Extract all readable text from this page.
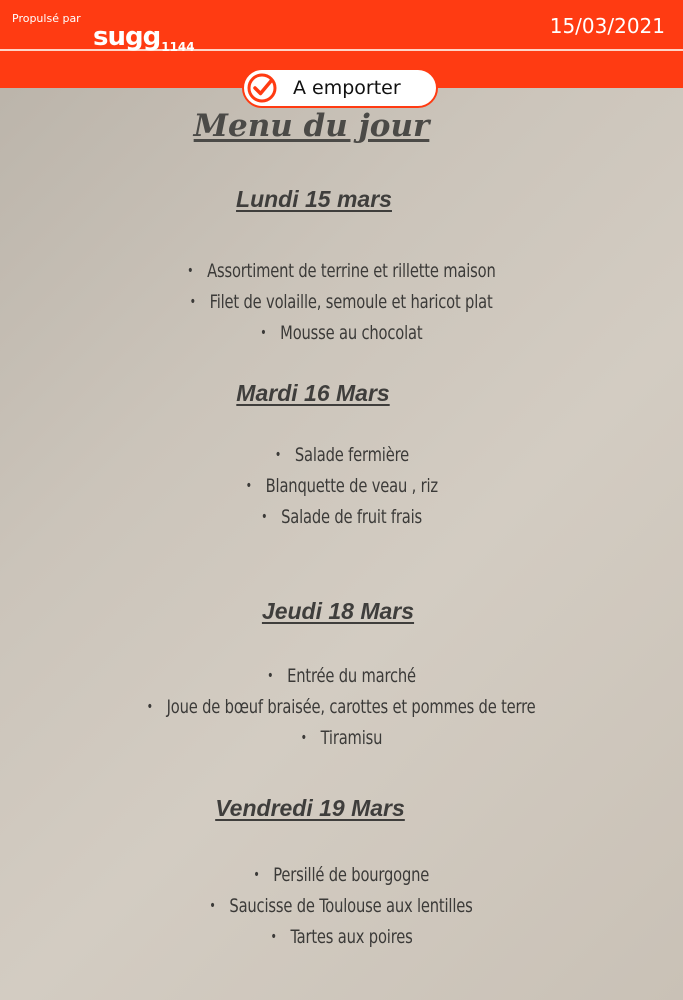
Propulsé par
sugg$_{1144}$
15/03/2021
A emporter
Menu du jour
Lundi 15 mars
• Assortiment de terrine et rillette maison
• Filet de volaille, semoule et haricot plat
• Mousse au chocolat
Mardi 16 Mars
• Salade fermière
• Blanquette de veau , riz
• Salade de fruit frais
Jeudi 18 Mars
• Entrée du marché
• Joue de bœuf braisée, carottes et pommes de terre
• Tiramisu
Vendredi 19 Mars
• Persillé de bourgogne
• Saucisse de Toulouse aux lentilles
• Tartes aux poires
